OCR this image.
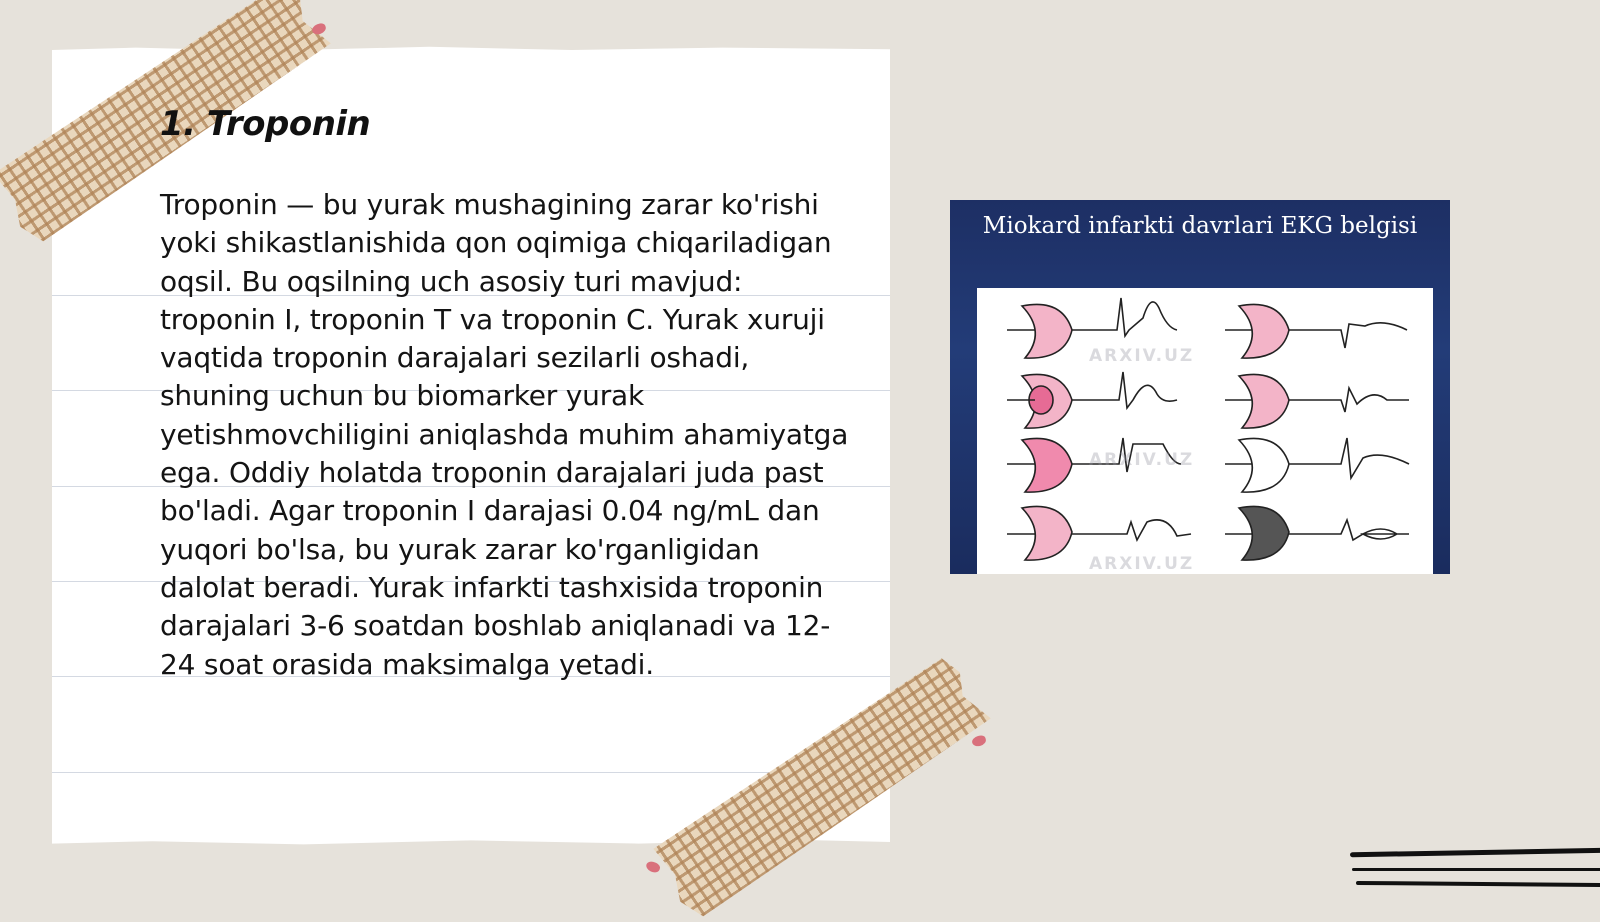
1. Troponin

Troponin — bu yurak mushagining zarar ko'rishi yoki shikastlanishida qon oqimiga chiqariladigan oqsil. Bu oqsilning uch asosiy turi mavjud: troponin I, troponin T va troponin C. Yurak xuruji vaqtida troponin darajalari sezilarli oshadi, shuning uchun bu biomarker yurak yetishmovchiligini aniqlashda muhim ahamiyatga ega. Oddiy holatda troponin darajalari juda past bo'ladi. Agar troponin I darajasi 0.04 ng/mL dan yuqori bo'lsa, bu yurak zarar ko'rganligidan dalolat beradi. Yurak infarkti tashxisida troponin darajalari 3-6 soatdan boshlab aniqlanadi va 12-24 soat orasida maksimalga yetadi.

Miokard infarkti davrlari EKG belgisi
ARXIV.UZ
ARXIV.UZ
ARXIV.UZ
